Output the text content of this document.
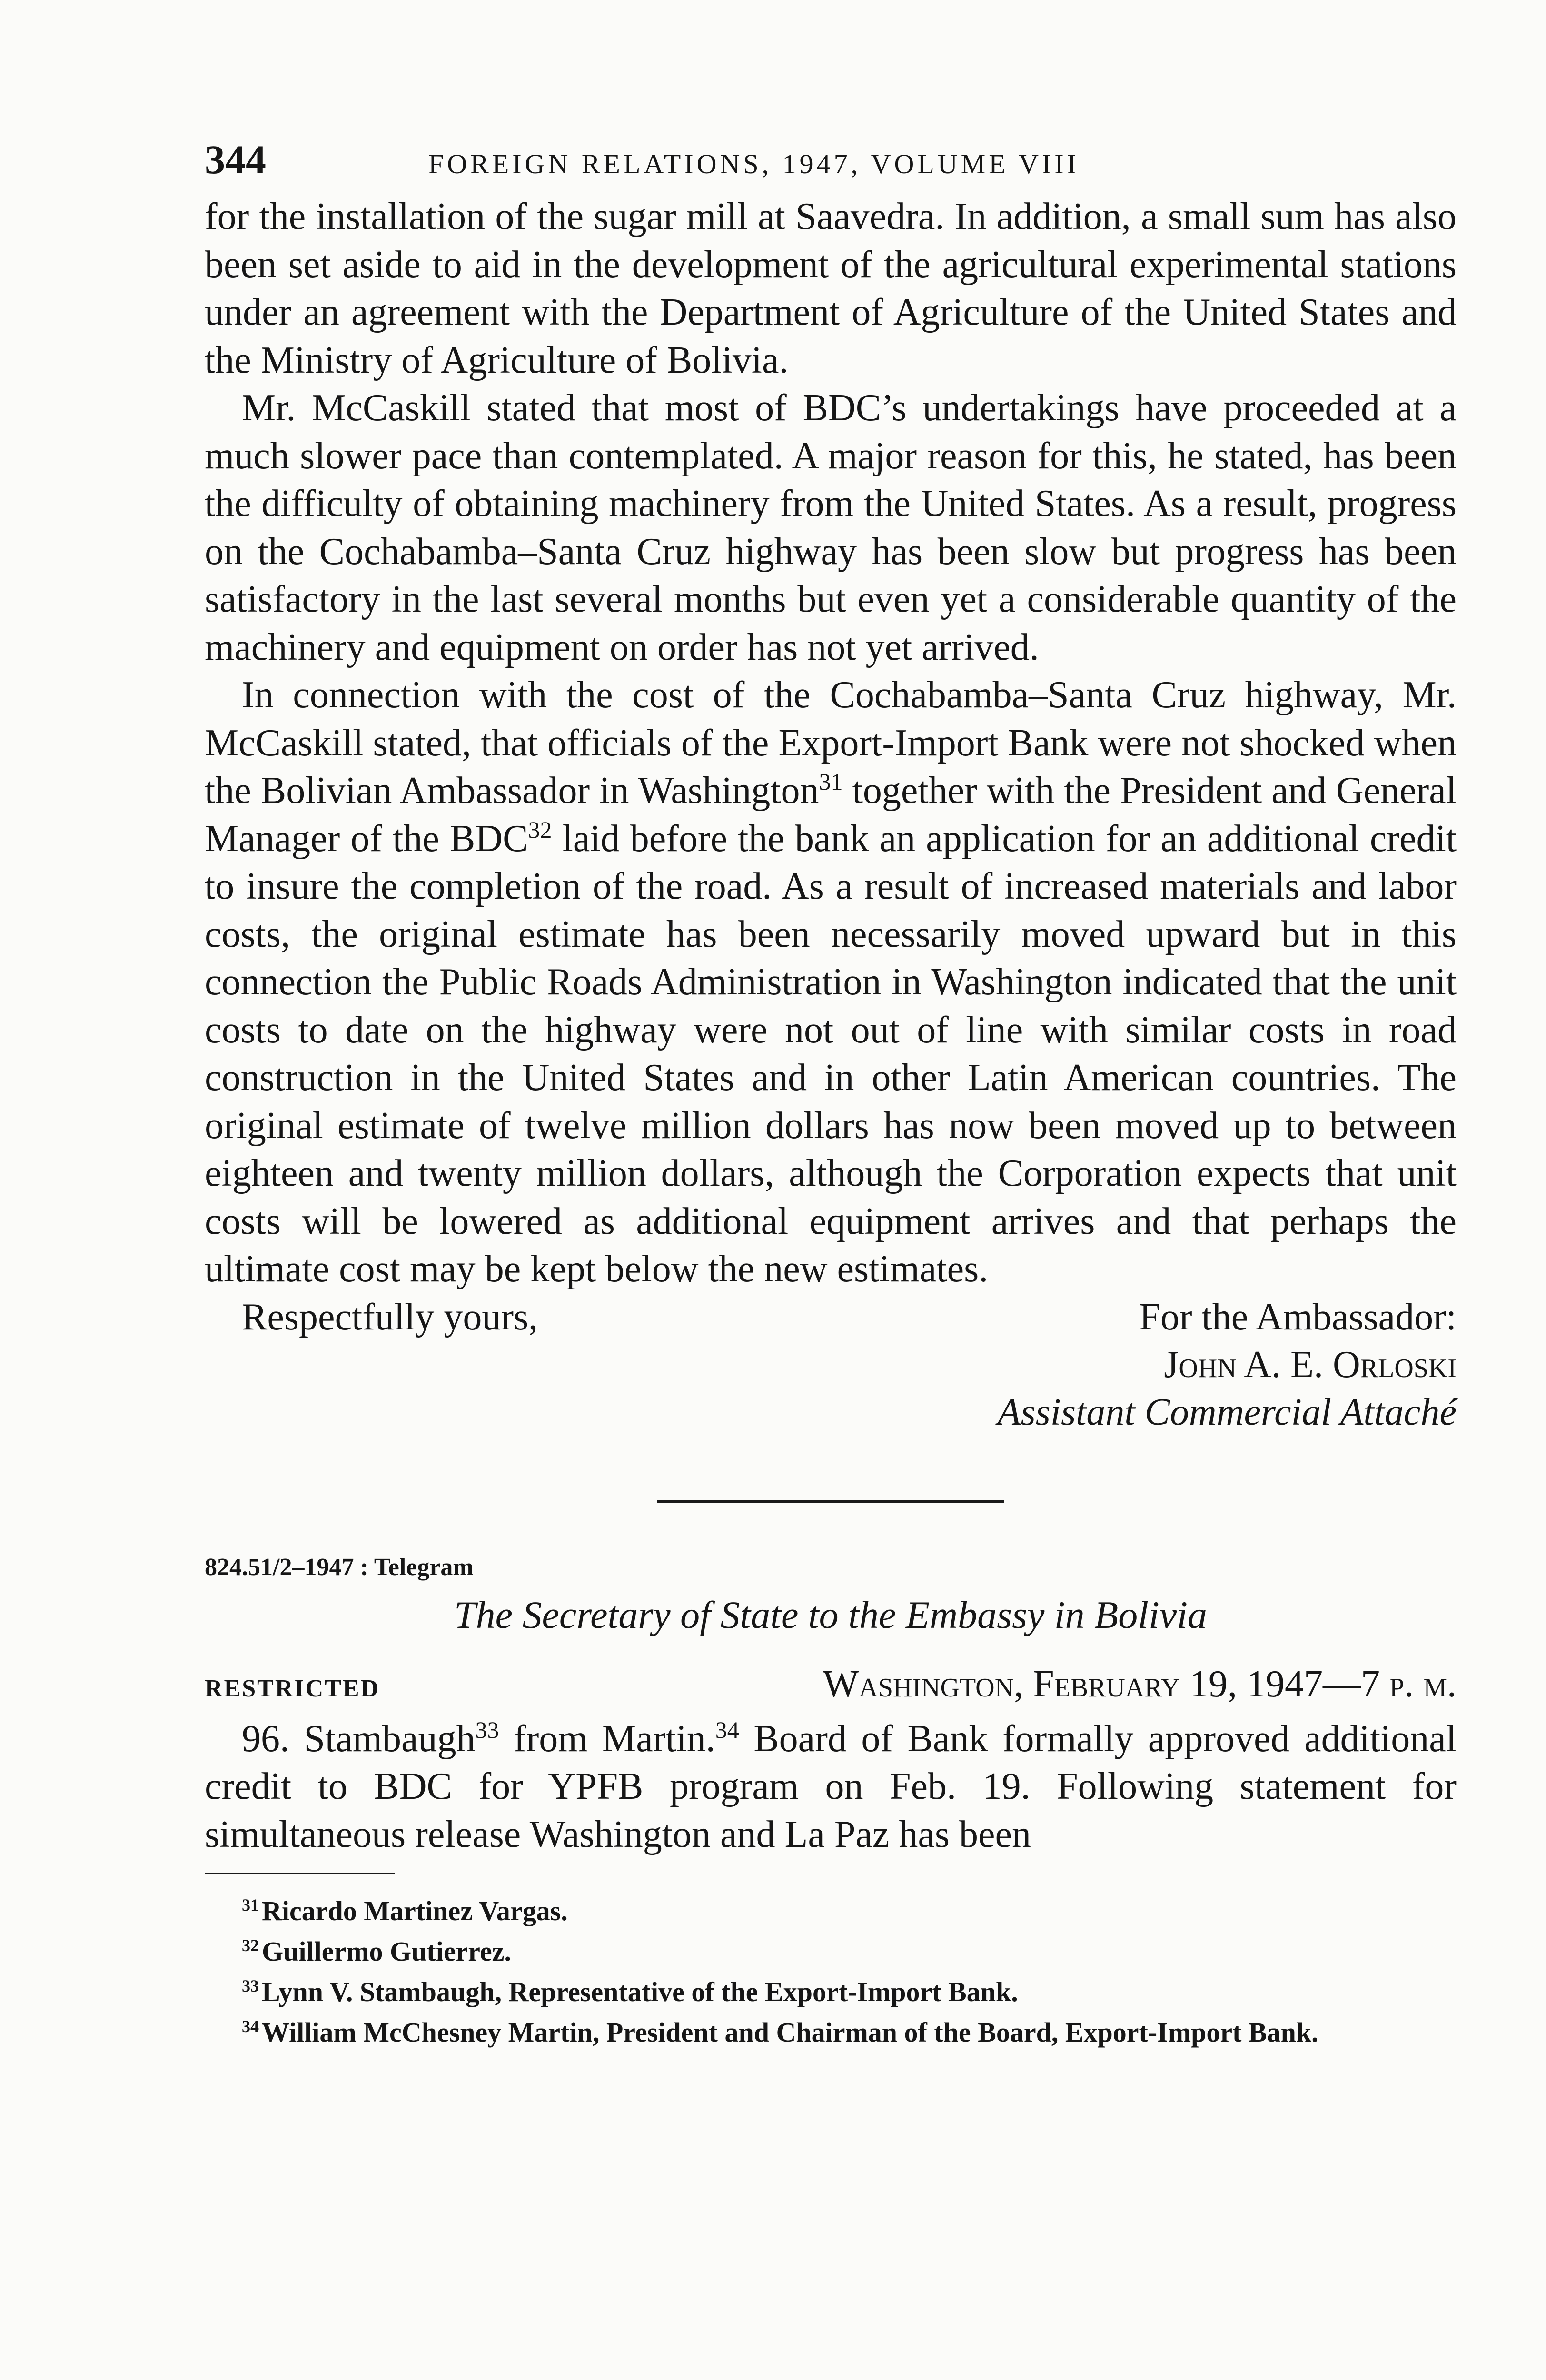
344	FOREIGN RELATIONS, 1947, VOLUME VIII

for the installation of the sugar mill at Saavedra. In addition, a small sum has also been set aside to aid in the development of the agricultural experimental stations under an agreement with the Department of Agriculture of the United States and the Ministry of Agriculture of Bolivia.

Mr. McCaskill stated that most of BDC’s undertakings have proceeded at a much slower pace than contemplated. A major reason for this, he stated, has been the difficulty of obtaining machinery from the United States. As a result, progress on the Cochabamba–Santa Cruz highway has been slow but progress has been satisfactory in the last several months but even yet a considerable quantity of the machinery and equipment on order has not yet arrived.

In connection with the cost of the Cochabamba–Santa Cruz highway, Mr. McCaskill stated, that officials of the Export-Import Bank were not shocked when the Bolivian Ambassador in Washington$^{31}$ together with the President and General Manager of the BDC$^{32}$ laid before the bank an application for an additional credit to insure the completion of the road. As a result of increased materials and labor costs, the original estimate has been necessarily moved upward but in this connection the Public Roads Administration in Washington indicated that the unit costs to date on the highway were not out of line with similar costs in road construction in the United States and in other Latin American countries. The original estimate of twelve million dollars has now been moved up to between eighteen and twenty million dollars, although the Corporation expects that unit costs will be lowered as additional equipment arrives and that perhaps the ultimate cost may be kept below the new estimates.

Respectfully yours,	For the Ambassador:
John A. E. Orloski
Assistant Commercial Attaché
824.51/2–1947 : Telegram
The Secretary of State to the Embassy in Bolivia
RESTRICTED	Washington, February 19, 1947—7 p. m.

96. Stambaugh$^{33}$ from Martin.$^{34}$ Board of Bank formally approved additional credit to BDC for YPFB program on Feb. 19. Following statement for simultaneous release Washington and La Paz has been

$^{31}$ Ricardo Martinez Vargas.
$^{32}$ Guillermo Gutierrez.
$^{33}$ Lynn V. Stambaugh, Representative of the Export-Import Bank.
$^{34}$ William McChesney Martin, President and Chairman of the Board, Export-Import Bank.
